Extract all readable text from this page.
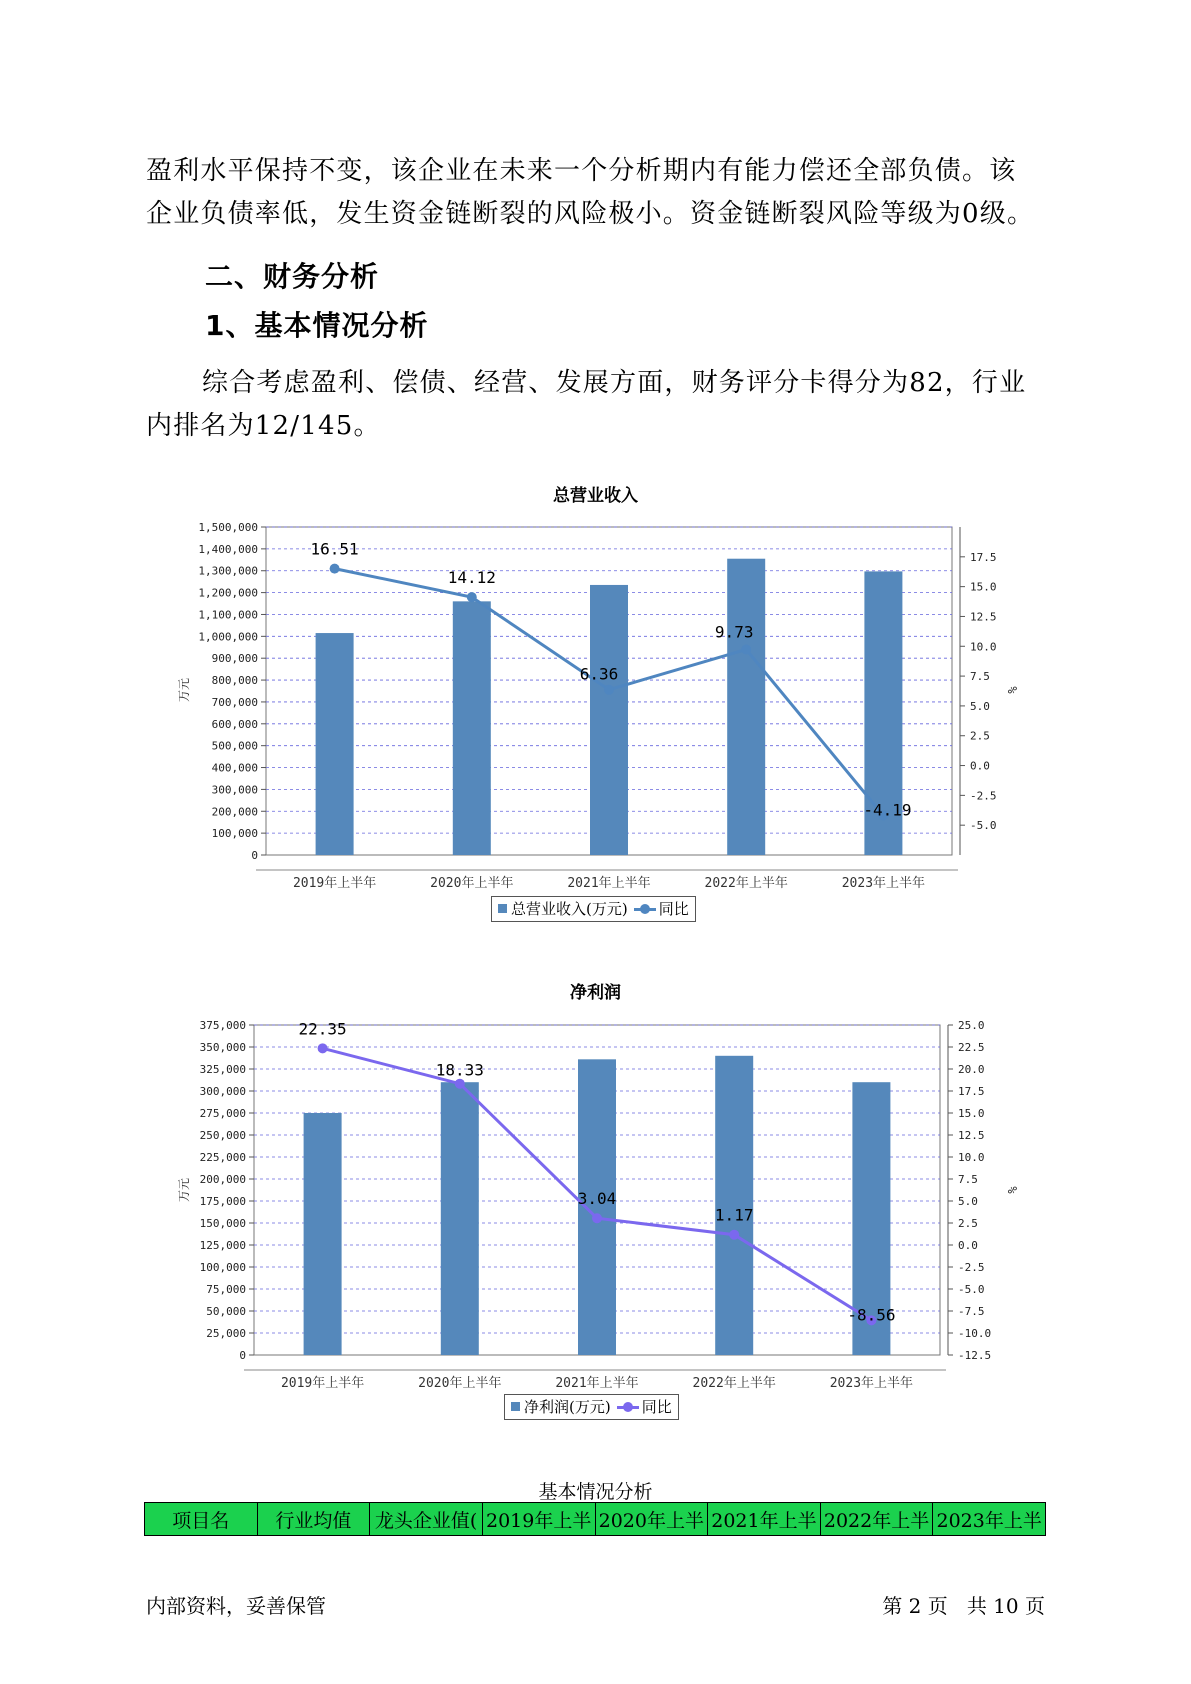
盈利水平保持不变，该企业在未来一个分析期内有能力偿还全部负债。该

企业负债率低，发生资金链断裂的风险极小。资金链断裂风险等级为0级。

二、财务分析
1、基本情况分析

综合考虑盈利、偿债、经营、发展方面，财务评分卡得分为82，行业

内排名为12/145。

总营业收入
0
100,000
200,000
300,000
400,000
500,000
600,000
700,000
800,000
900,000
1,000,000
1,100,000
1,200,000
1,300,000
1,400,000
1,500,000
-5.0
-2.5
0.0
2.5
5.0
7.5
10.0
12.5
15.0
17.5
万元	%
2019年上半年	2020年上半年	2021年上半年	2022年上半年	2023年上半年
16.51
14.12
6.36
9.73
-4.19
总营业收入(万元) 同比
净利润
0
25,000
50,000
75,000
100,000
125,000
150,000
175,000
200,000
225,000
250,000
275,000
300,000
325,000
350,000
375,000
-12.5
-10.0
-7.5
-5.0
-2.5
0.0
2.5
5.0
7.5
10.0
12.5
15.0
17.5
20.0
22.5
25.0
万元	%
2019年上半年	2020年上半年	2021年上半年	2022年上半年	2023年上半年
22.35
18.33
3.04
1.17
-8.56
净利润(万元) 同比
基本情况分析
项目名	行业均值	龙头企业值(	2019年上半	2020年上半	2021年上半	2022年上半	2023年上半
内部资料，妥善保管	第 2 页   共 10 页
